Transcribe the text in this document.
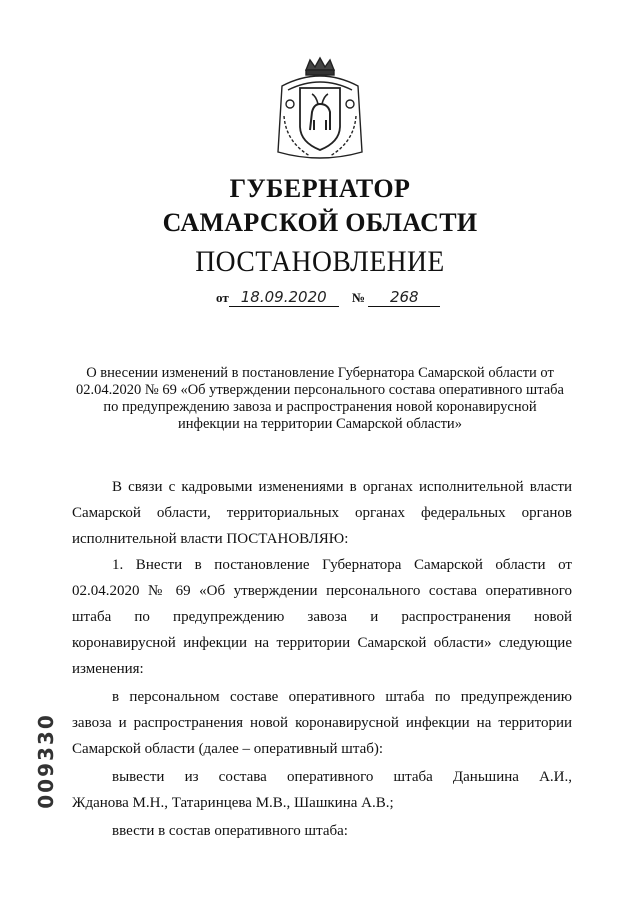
ГУБЕРНАТОР
САМАРСКОЙ ОБЛАСТИ
ПОСТАНОВЛЕНИЕ
от 18.09.2020 № 268
О внесении изменений в постановление Губернатора Самарской области от 02.04.2020 № 69 «Об утверждении персонального состава оперативного штаба по предупреждению завоза и распространения новой коронавирусной инфекции на территории Самарской области»
В связи с кадровыми изменениями в органах исполнительной власти
Самарской области, территориальных органах федеральных органов
исполнительной власти ПОСТАНОВЛЯЮ:
1. Внести в постановление Губернатора Самарской области от
02.04.2020 № 69 «Об утверждении персонального состава оперативного
штаба по предупреждению завоза и распространения новой
коронавирусной инфекции на территории Самарской области» следующие
изменения:
в персональном составе оперативного штаба по предупреждению
завоза и распространения новой коронавирусной инфекции на территории
Самарской области (далее – оперативный штаб):
вывести из состава оперативного штаба Даньшина А.И.,
Жданова М.Н., Татаринцева М.В., Шашкина А.В.;
ввести в состав оперативного штаба:
009330
